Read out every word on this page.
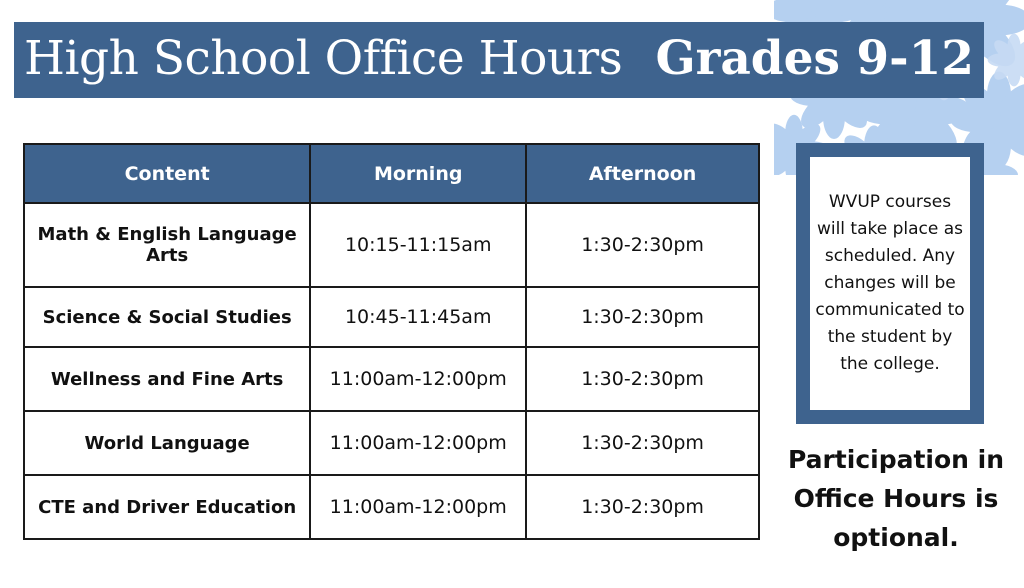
High School Office Hours Grades 9-12
Content	Morning	Afternoon
Math & English Language Arts	10:15-11:15am	1:30-2:30pm
Science & Social Studies	10:45-11:45am	1:30-2:30pm
Wellness and Fine Arts	11:00am-12:00pm	1:30-2:30pm
World Language	11:00am-12:00pm	1:30-2:30pm
CTE and Driver Education	11:00am-12:00pm	1:30-2:30pm
WVUP courses will take place as scheduled. Any changes will be communicated to the student by the college.
Participation in Office Hours is optional.
